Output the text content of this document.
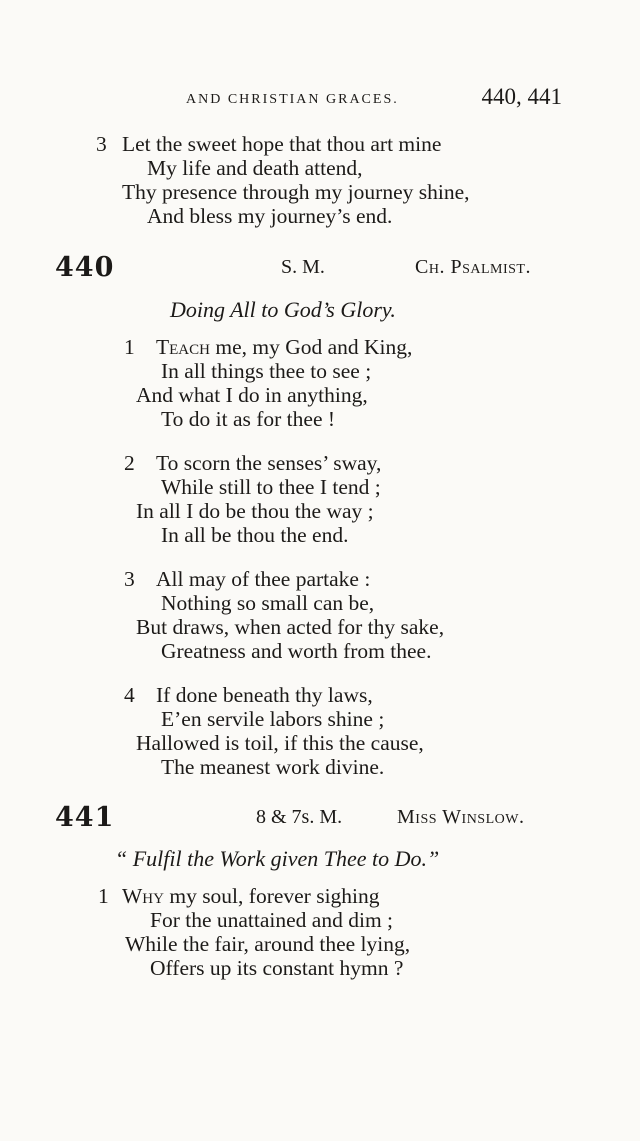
AND CHRISTIAN GRACES.	440, 441
3 Let the sweet hope that thou art mine
My life and death attend,
Thy presence through my journey shine,
And bless my journey’s end.
440	S. M.	Ch. Psalmist.
Doing All to God’s Glory.
1 Teach me, my God and King,
In all things thee to see ;
And what I do in anything,
To do it as for thee !
2 To scorn the senses’ sway,
While still to thee I tend ;
In all I do be thou the way ;
In all be thou the end.
3 All may of thee partake :
Nothing so small can be,
But draws, when acted for thy sake,
Greatness and worth from thee.
4 If done beneath thy laws,
E’en servile labors shine ;
Hallowed is toil, if this the cause,
The meanest work divine.
441	8 & 7s. M.	Miss Winslow.
“ Fulfil the Work given Thee to Do.”
1 Why my soul, forever sighing
For the unattained and dim ;
While the fair, around thee lying,
Offers up its constant hymn ?
